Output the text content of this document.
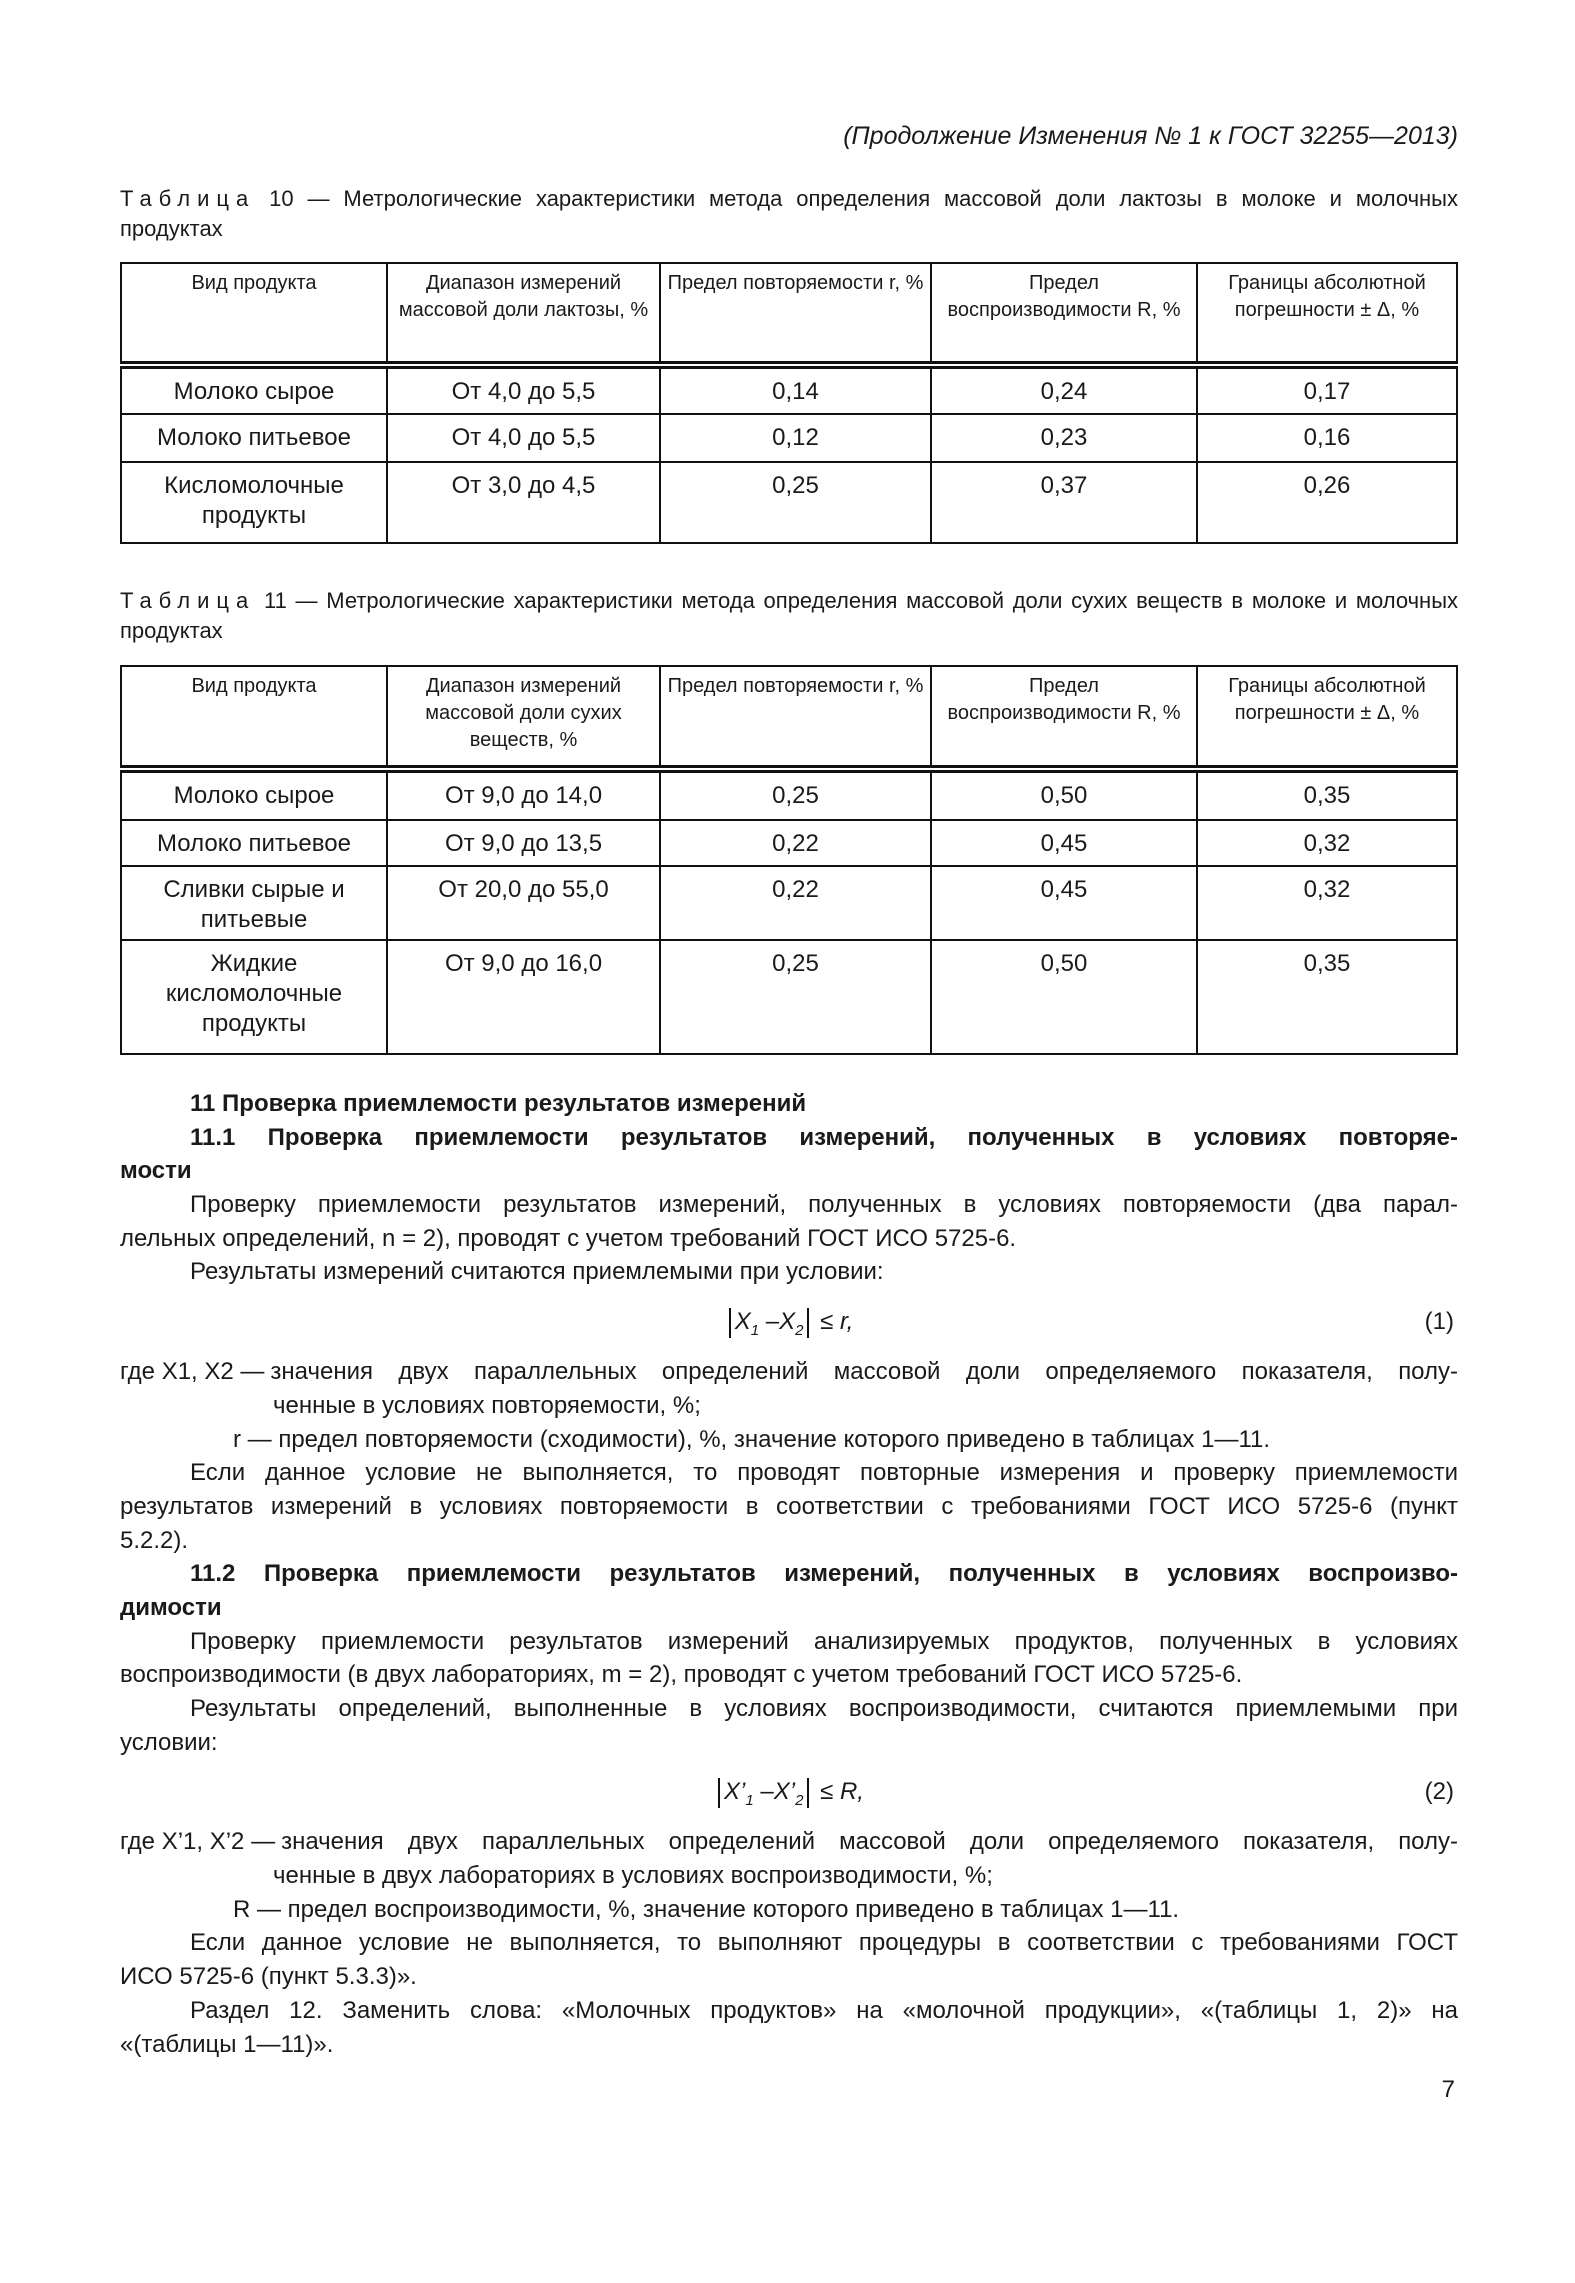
(Продолжение Изменения № 1 к ГОСТ 32255—2013)
Таблица 10 — Метрологические характеристики метода определения массовой доли лактозы в молоке и молочных продуктах
Вид продукта	Диапазон измерений массовой доли лактозы, %	Предел повторяемости r, %	Предел воспроизводимости R, %	Границы абсолютной погрешности ± Δ, %
Молоко сырое	От 4,0 до 5,5	0,14	0,24	0,17
Молоко питьевое	От 4,0 до 5,5	0,12	0,23	0,16
Кисломолочные продукты	От 3,0 до 4,5	0,25	0,37	0,26
Таблица 11 — Метрологические характеристики метода определения массовой доли сухих веществ в молоке и молочных продуктах
Вид продукта	Диапазон измерений массовой доли сухих веществ, %	Предел повторяемости r, %	Предел воспроизводимости R, %	Границы абсолютной погрешности ± Δ, %
Молоко сырое	От 9,0 до 14,0	0,25	0,50	0,35
Молоко питьевое	От 9,0 до 13,5	0,22	0,45	0,32
Сливки сырые и питьевые	От 20,0 до 55,0	0,22	0,45	0,32
Жидкие кисломолочные продукты	От 9,0 до 16,0	0,25	0,50	0,35
11 Проверка приемлемости результатов измерений
11.1 Проверка приемлемости результатов измерений, полученных в условиях повторяе-
мости
Проверку приемлемости результатов измерений, полученных в условиях повторяемости (два парал-
лельных определений, n = 2), проводят с учетом требований ГОСТ ИСО 5725-6.
Результаты измерений считаются приемлемыми при условии:
$X_1$ $-X_2 \le r$,	(1)
где X1, X2 — значения двух параллельных определений массовой доли определяемого показателя, полу-
ченные в условиях повторяемости, %;
r — предел повторяемости (сходимости), %, значение которого приведено в таблицах 1—11.
Если данное условие не выполняется, то проводят повторные измерения и проверку приемлемости
результатов измерений в условиях повторяемости в соответствии с требованиями ГОСТ ИСО 5725-6 (пункт
5.2.2).
11.2 Проверка приемлемости результатов измерений, полученных в условиях воспроизво-
димости
Проверку приемлемости результатов измерений анализируемых продуктов, полученных в условиях
воспроизводимости (в двух лабораториях, m = 2), проводят с учетом требований ГОСТ ИСО 5725-6.
Результаты определений, выполненные в условиях воспроизводимости, считаются приемлемыми при
условии:
$X’_1$ $-X’_2 \le R$,	(2)
где X’1, X’2 — значения двух параллельных определений массовой доли определяемого показателя, полу-
ченные в двух лабораториях в условиях воспроизводимости, %;
R — предел воспроизводимости, %, значение которого приведено в таблицах 1—11.
Если данное условие не выполняется, то выполняют процедуры в соответствии с требованиями ГОСТ
ИСО 5725-6 (пункт 5.3.3)».
Раздел 12. Заменить слова: «Молочных продуктов» на «молочной продукции», «(таблицы 1, 2)» на
«(таблицы 1—11)».
7
